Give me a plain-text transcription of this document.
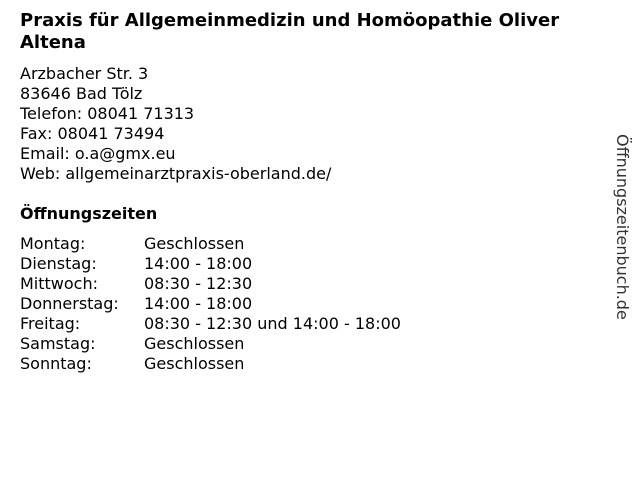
Praxis für Allgemeinmedizin und Homöopathie Oliver
Altena
Arzbacher Str. 3
83646 Bad Tölz
Telefon: 08041 71313
Fax: 08041 73494
Email: o.a@gmx.eu
Web: allgemeinarztpraxis-oberland.de/
Öffnungszeiten
Montag:	Geschlossen
Dienstag:	14:00 - 18:00
Mittwoch:	08:30 - 12:30
Donnerstag:	14:00 - 18:00
Freitag:	08:30 - 12:30 und 14:00 - 18:00
Samstag:	Geschlossen
Sonntag:	Geschlossen
Öffnungszeitenbuch.de
